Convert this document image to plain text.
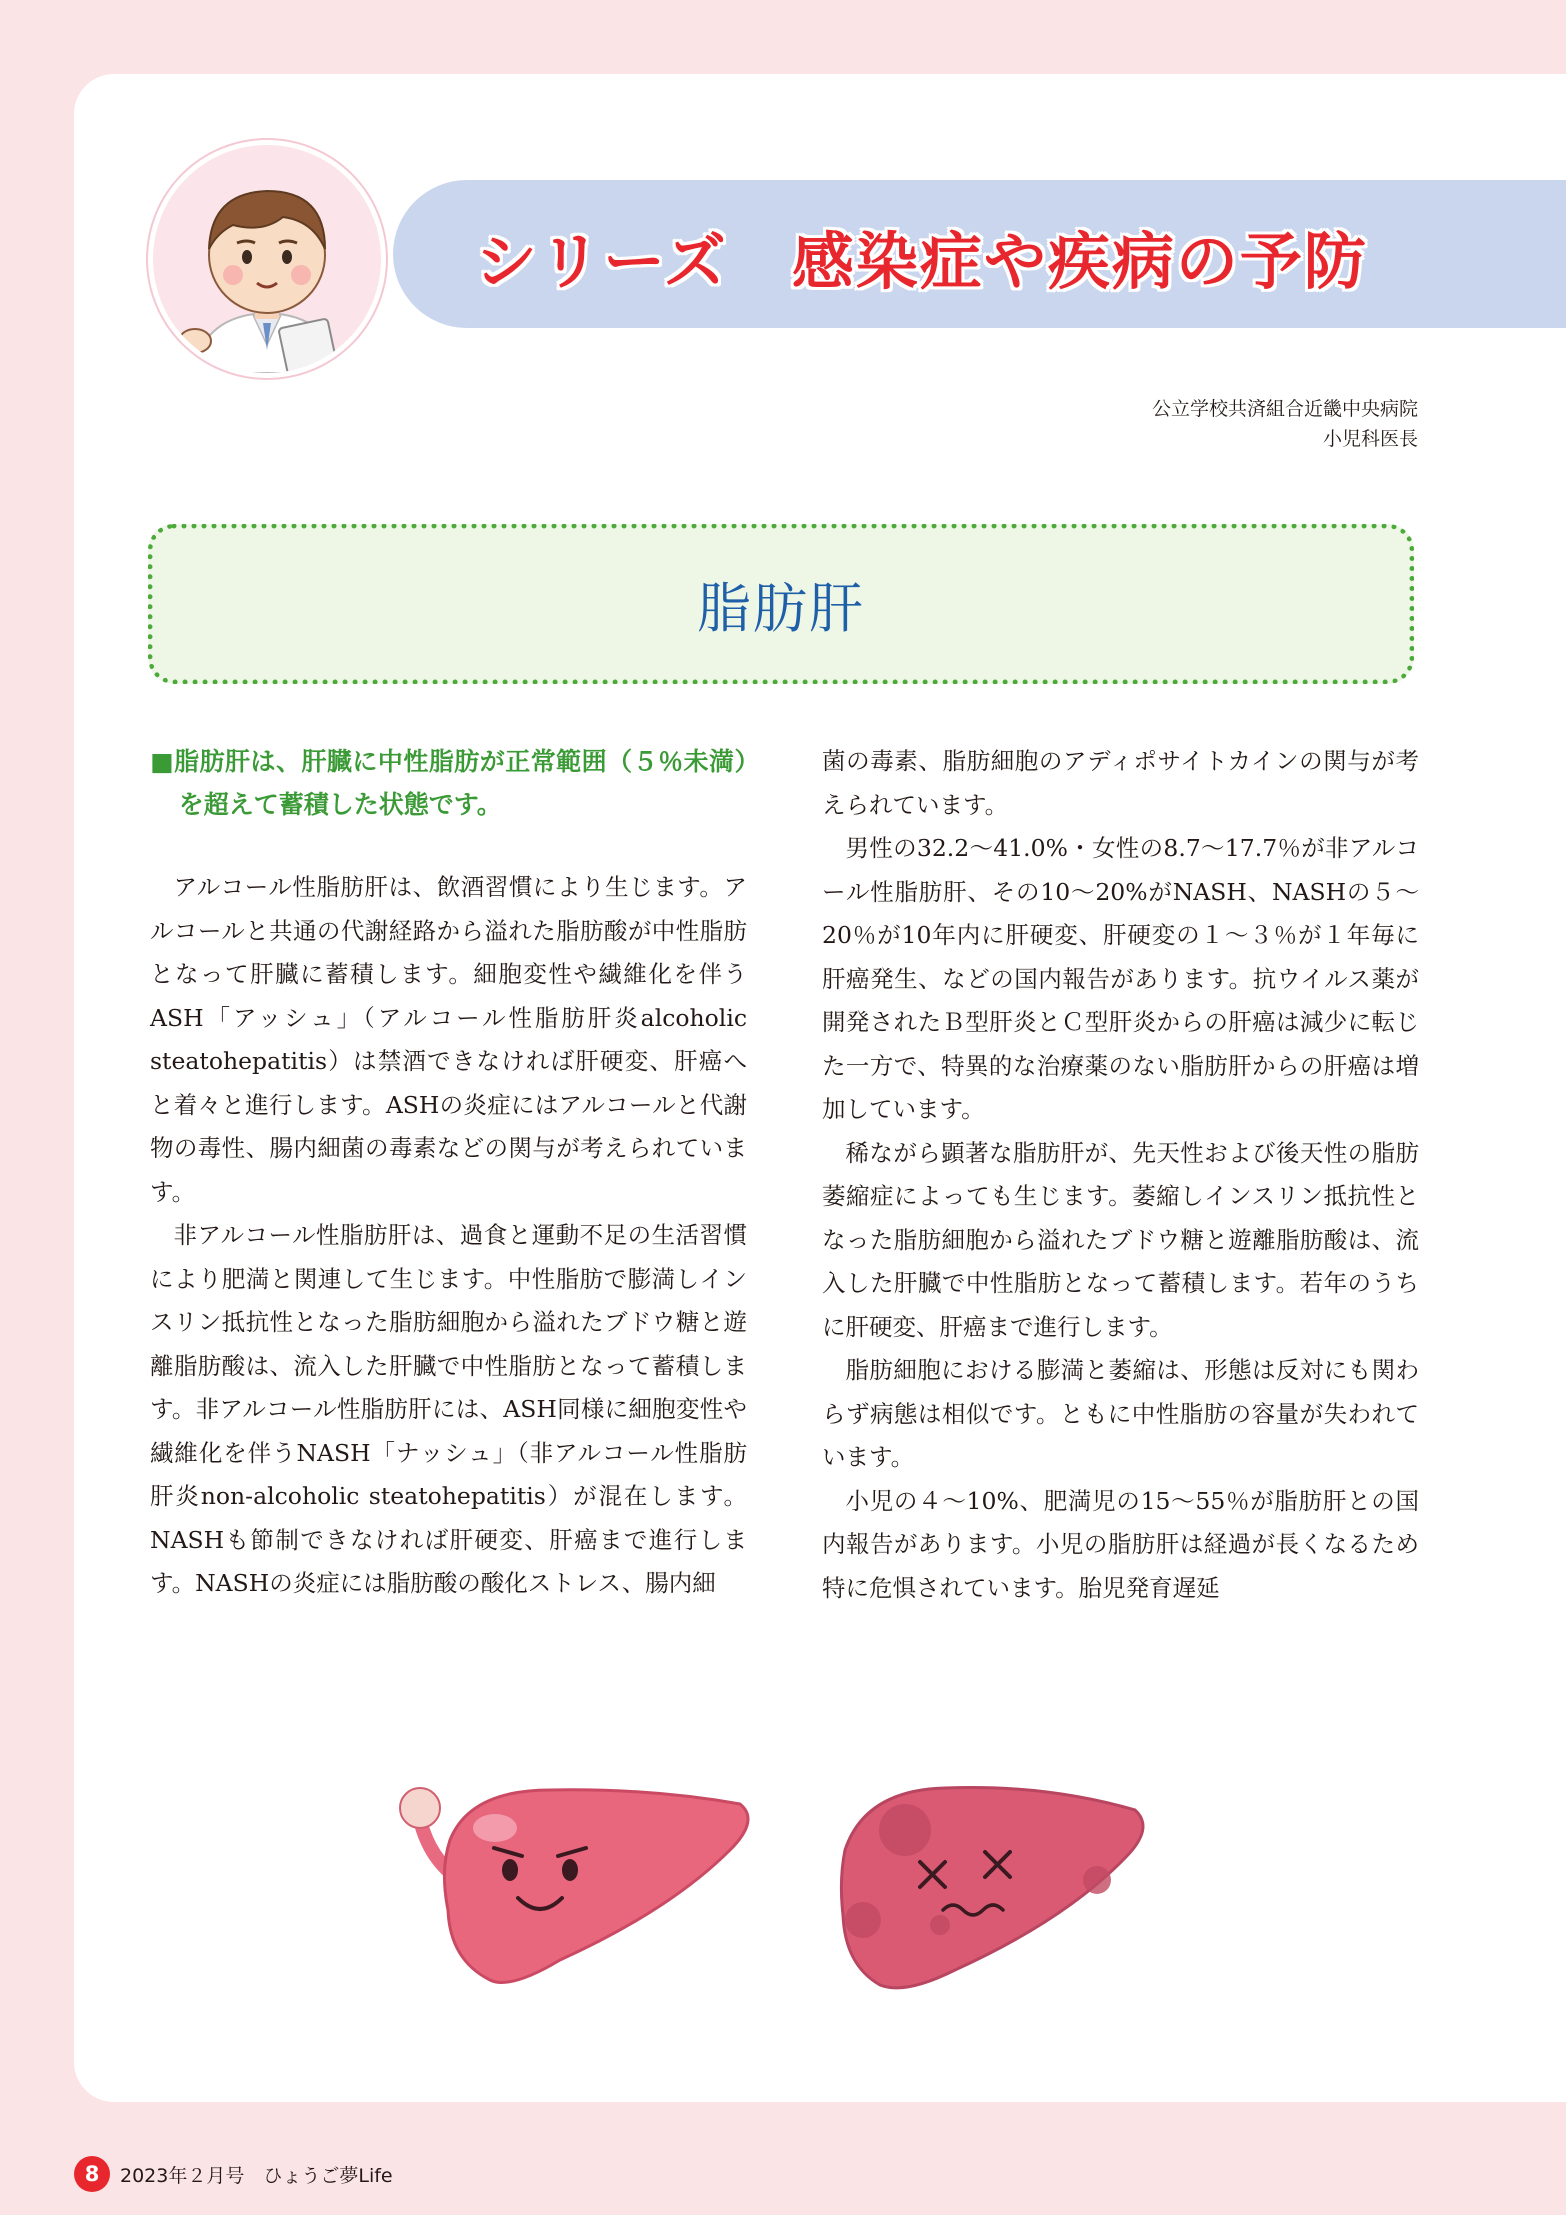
シリーズ　感染症や疾病の予防
公立学校共済組合近畿中央病院
小児科医長
脂肪肝
■脂肪肝は、肝臓に中性脂肪が正常範囲（５％未満）を超えて蓄積した状態です。

アルコール性脂肪肝は、飲酒習慣により生じます。アルコールと共通の代謝経路から溢れた脂肪酸が中性脂肪となって肝臓に蓄積します。細胞変性や繊維化を伴うASH「アッシュ」（アルコール性脂肪肝炎alcoholic steatohepatitis）は禁酒できなければ肝硬変、肝癌へと着々と進行します。ASHの炎症にはアルコールと代謝物の毒性、腸内細菌の毒素などの関与が考えられています。

非アルコール性脂肪肝は、過食と運動不足の生活習慣により肥満と関連して生じます。中性脂肪で膨満しインスリン抵抗性となった脂肪細胞から溢れたブドウ糖と遊離脂肪酸は、流入した肝臓で中性脂肪となって蓄積します。非アルコール性脂肪肝には、ASH同様に細胞変性や繊維化を伴うNASH「ナッシュ」（非アルコール性脂肪肝炎non-alcoholic steatohepatitis）が混在します。NASHも節制できなければ肝硬変、肝癌まで進行します。NASHの炎症には脂肪酸の酸化ストレス、腸内細

菌の毒素、脂肪細胞のアディポサイトカインの関与が考えられています。

男性の32.2～41.0%・女性の8.7～17.7％が非アルコール性脂肪肝、その10～20%がNASH、NASHの５～20％が10年内に肝硬変、肝硬変の１～３％が１年毎に肝癌発生、などの国内報告があります。抗ウイルス薬が開発されたＢ型肝炎とＣ型肝炎からの肝癌は減少に転じた一方で、特異的な治療薬のない脂肪肝からの肝癌は増加しています。

稀ながら顕著な脂肪肝が、先天性および後天性の脂肪萎縮症によっても生じます。萎縮しインスリン抵抗性となった脂肪細胞から溢れたブドウ糖と遊離脂肪酸は、流入した肝臓で中性脂肪となって蓄積します。若年のうちに肝硬変、肝癌まで進行します。

脂肪細胞における膨満と萎縮は、形態は反対にも関わらず病態は相似です。ともに中性脂肪の容量が失われています。

小児の４～10%、肥満児の15～55％が脂肪肝との国内報告があります。小児の脂肪肝は経過が長くなるため特に危惧されています。胎児発育遅延

8	2023年２月号　ひょうご夢Life
